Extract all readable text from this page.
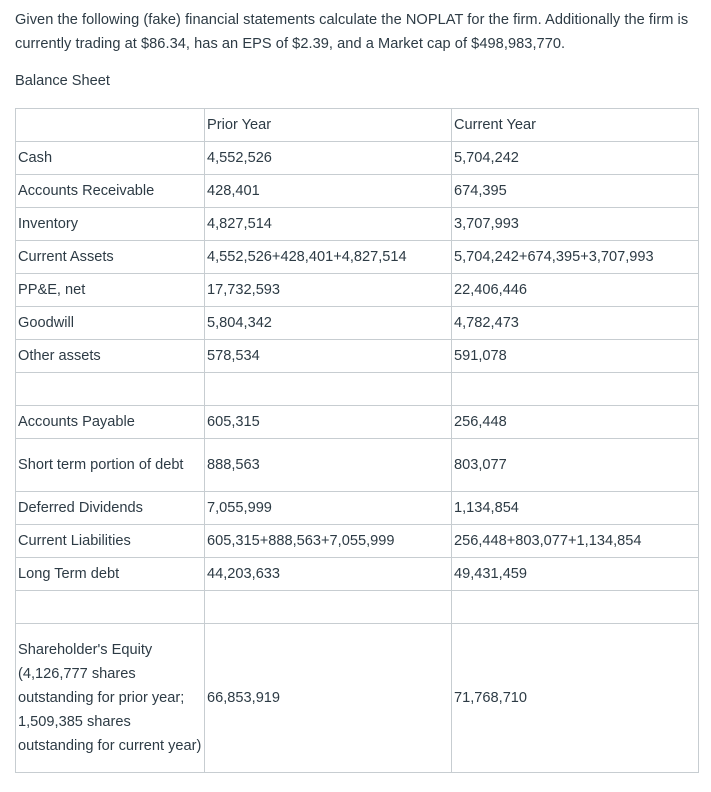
Given the following (fake) financial statements calculate the NOPLAT for the firm. Additionally the firm is currently trading at $86.34, has an EPS of $2.39, and a Market cap of $498,983,770.

Balance Sheet

	Prior Year	Current Year
Cash	4,552,526	5,704,242
Accounts Receivable	428,401	674,395
Inventory	4,827,514	3,707,993
Current Assets	4,552,526+428,401+4,827,514	5,704,242+674,395+3,707,993
PP&E, net	17,732,593	22,406,446
Goodwill	5,804,342	4,782,473
Other assets	578,534	591,078

Accounts Payable	605,315	256,448
Short term portion of debt	888,563	803,077
Deferred Dividends	7,055,999	1,134,854
Current Liabilities	605,315+888,563+7,055,999	256,448+803,077+1,134,854
Long Term debt	44,203,633	49,431,459

Shareholder's Equity (4,126,777 shares outstanding for prior year; 1,509,385 shares outstanding for current year)	66,853,919	71,768,710
